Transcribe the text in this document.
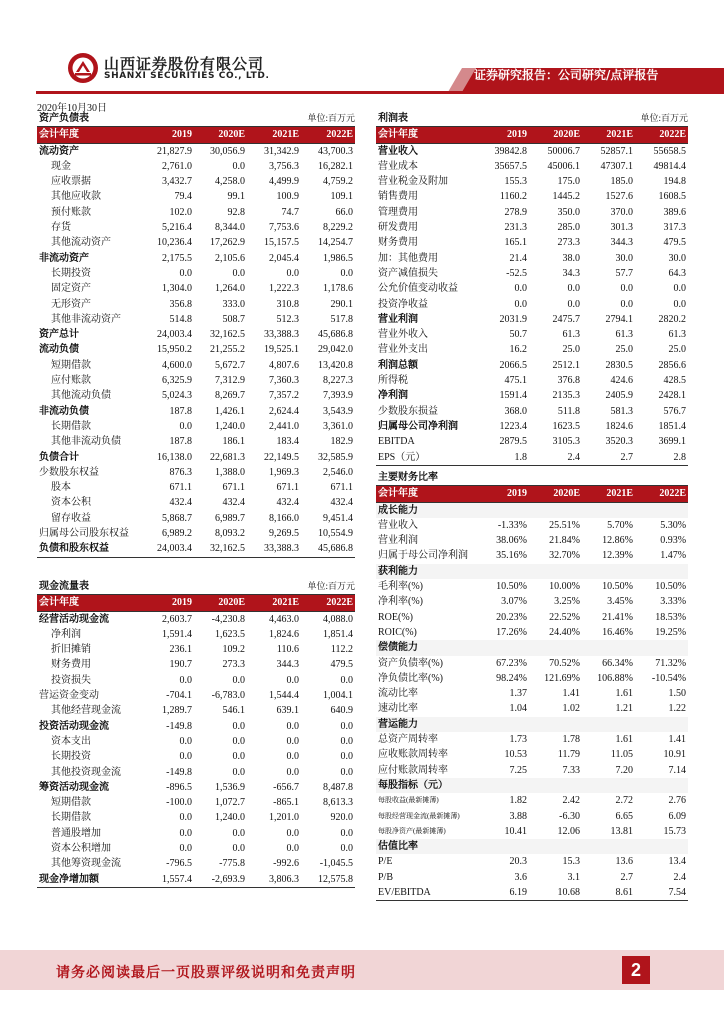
山西证券股份有限公司
SHANXI SECURITIES CO., LTD.	证券研究报告：公司研究/点评报告
2020年10月30日
资产负债表			单位:百万元	
会计年度	2019	2020E	2021E	2022E
流动资产	21,827.9	30,056.9	31,342.9	43,700.3
现金	2,761.0	0.0	3,756.3	16,282.1
应收票据	3,432.7	4,258.0	4,499.9	4,759.2
其他应收款	79.4	99.1	100.9	109.1
预付账款	102.0	92.8	74.7	66.0
存货	5,216.4	8,344.0	7,753.6	8,229.2
其他流动资产	10,236.4	17,262.9	15,157.5	14,254.7
非流动资产	2,175.5	2,105.6	2,045.4	1,986.5
长期投资	0.0	0.0	0.0	0.0
固定资产	1,304.0	1,264.0	1,222.3	1,178.6
无形资产	356.8	333.0	310.8	290.1
其他非流动资产	514.8	508.7	512.3	517.8
资产总计	24,003.4	32,162.5	33,388.3	45,686.8
流动负债	15,950.2	21,255.2	19,525.1	29,042.0
短期借款	4,600.0	5,672.7	4,807.6	13,420.8
应付账款	6,325.9	7,312.9	7,360.3	8,227.3
其他流动负债	5,024.3	8,269.7	7,357.2	7,393.9
非流动负债	187.8	1,426.1	2,624.4	3,543.9
长期借款	0.0	1,240.0	2,441.0	3,361.0
其他非流动负债	187.8	186.1	183.4	182.9
负债合计	16,138.0	22,681.3	22,149.5	32,585.9
少数股东权益	876.3	1,388.0	1,969.3	2,546.0
股本	671.1	671.1	671.1	671.1
资本公积	432.4	432.4	432.4	432.4
留存收益	5,868.7	6,989.7	8,166.0	9,451.4
归属母公司股东权益	6,989.2	8,093.2	9,269.5	10,554.9
负债和股东权益	24,003.4	32,162.5	33,388.3	45,686.8
现金流量表			单位:百万元	
会计年度	2019	2020E	2021E	2022E
经营活动现金流	2,603.7	-4,230.8	4,463.0	4,088.0
净利润	1,591.4	1,623.5	1,824.6	1,851.4
折旧摊销	236.1	109.2	110.6	112.2
财务费用	190.7	273.3	344.3	479.5
投资损失	0.0	0.0	0.0	0.0
营运资金变动	-704.1	-6,783.0	1,544.4	1,004.1
其他经营现金流	1,289.7	546.1	639.1	640.9
投资活动现金流	-149.8	0.0	0.0	0.0
资本支出	0.0	0.0	0.0	0.0
长期投资	0.0	0.0	0.0	0.0
其他投资现金流	-149.8	0.0	0.0	0.0
筹资活动现金流	-896.5	1,536.9	-656.7	8,487.8
短期借款	-100.0	1,072.7	-865.1	8,613.3
长期借款	0.0	1,240.0	1,201.0	920.0
普通股增加	0.0	0.0	0.0	0.0
资本公积增加	0.0	0.0	0.0	0.0
其他筹资现金流	-796.5	-775.8	-992.6	-1,045.5
现金净增加额	1,557.4	-2,693.9	3,806.3	12,575.8
利润表			单位:百万元	
会计年度	2019	2020E	2021E	2022E
营业收入	39842.8	50006.7	52857.1	55658.5
营业成本	35657.5	45006.1	47307.1	49814.4
营业税金及附加	155.3	175.0	185.0	194.8
销售费用	1160.2	1445.2	1527.6	1608.5
管理费用	278.9	350.0	370.0	389.6
研发费用	231.3	285.0	301.3	317.3
财务费用	165.1	273.3	344.3	479.5
加：其他费用	21.4	38.0	30.0	30.0
资产减值损失	-52.5	34.3	57.7	64.3
公允价值变动收益	0.0	0.0	0.0	0.0
投资净收益	0.0	0.0	0.0	0.0
营业利润	2031.9	2475.7	2794.1	2820.2
营业外收入	50.7	61.3	61.3	61.3
营业外支出	16.2	25.0	25.0	25.0
利润总额	2066.5	2512.1	2830.5	2856.6
所得税	475.1	376.8	424.6	428.5
净利润	1591.4	2135.3	2405.9	2428.1
少数股东损益	368.0	511.8	581.3	576.7
归属母公司净利润	1223.4	1623.5	1824.6	1851.4
EBITDA	2879.5	3105.3	3520.3	3699.1
EPS（元）	1.8	2.4	2.7	2.8
主要财务比率				
会计年度	2019	2020E	2021E	2022E
成长能力				
营业收入	-1.33%	25.51%	5.70%	5.30%
营业利润	38.06%	21.84%	12.86%	0.93%
归属于母公司净利润	35.16%	32.70%	12.39%	1.47%
获利能力				
毛利率(%)	10.50%	10.00%	10.50%	10.50%
净利率(%)	3.07%	3.25%	3.45%	3.33%
ROE(%)	20.23%	22.52%	21.41%	18.53%
ROIC(%)	17.26%	24.40%	16.46%	19.25%
偿债能力				
资产负债率(%)	67.23%	70.52%	66.34%	71.32%
净负债比率(%)	98.24%	121.69%	106.88%	-10.54%
流动比率	1.37	1.41	1.61	1.50
速动比率	1.04	1.02	1.21	1.22
营运能力				
总资产周转率	1.73	1.78	1.61	1.41
应收账款周转率	10.53	11.79	11.05	10.91
应付账款周转率	7.25	7.33	7.20	7.14
每股指标（元）				
每股收益(最新摊薄)	1.82	2.42	2.72	2.76
每股经营现金流(最新摊薄)	3.88	-6.30	6.65	6.09
每股净资产(最新摊薄)	10.41	12.06	13.81	15.73
估值比率				
P/E	20.3	15.3	13.6	13.4
P/B	3.6	3.1	2.7	2.4
EV/EBITDA	6.19	10.68	8.61	7.54
请务必阅读最后一页股票评级说明和免责声明	2
